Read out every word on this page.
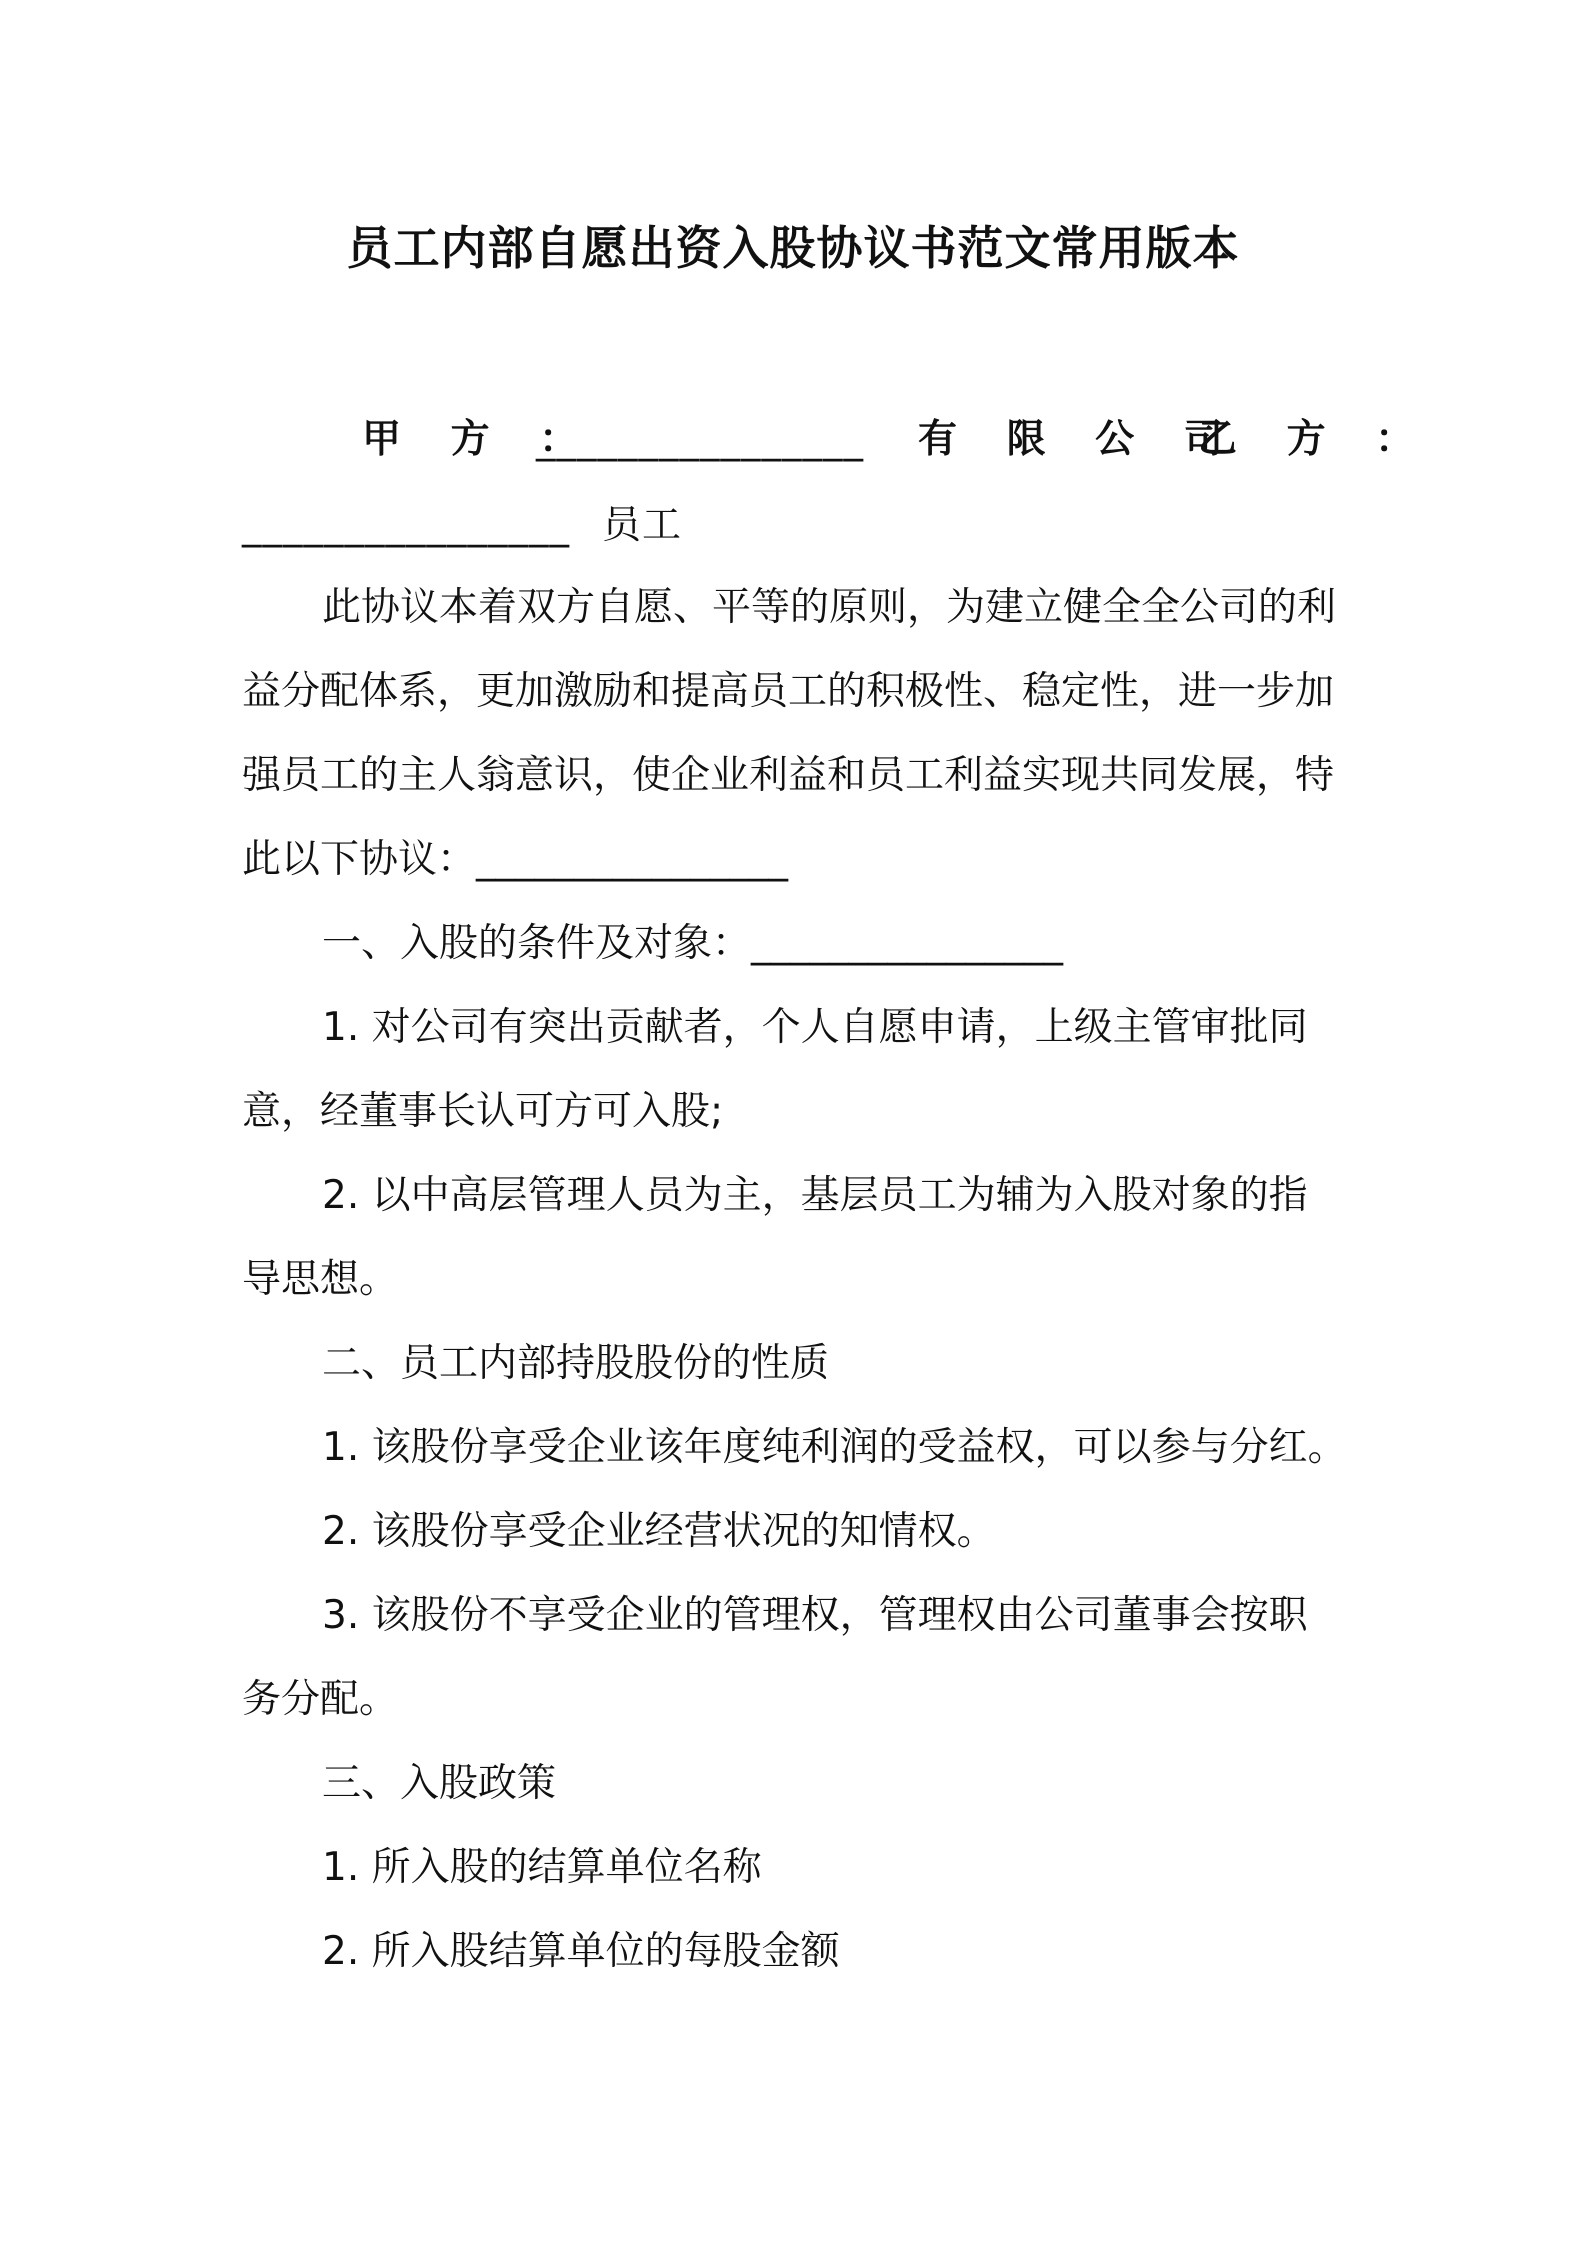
员工内部自愿出资入股协议书范文常用版本
甲 方 ：
________________ 有 限 公 司
乙 方 ：
________________ 员工

此协议本着双方自愿、平等的原则，为建立健全全公司的利

益分配体系，更加激励和提高员工的积极性、稳定性，进一步加

强员工的主人翁意识，使企业利益和员工利益实现共同发展，特

此以下协议：________________

一、入股的条件及对象：________________

1. 对公司有突出贡献者，个人自愿申请，上级主管审批同

意，经董事长认可方可入股;

2. 以中高层管理人员为主，基层员工为辅为入股对象的指

导思想。

二、员工内部持股股份的性质

1. 该股份享受企业该年度纯利润的受益权，可以参与分红。

2. 该股份享受企业经营状况的知情权。

3. 该股份不享受企业的管理权，管理权由公司董事会按职

务分配。

三、入股政策

1. 所入股的结算单位名称

2. 所入股结算单位的每股金额
